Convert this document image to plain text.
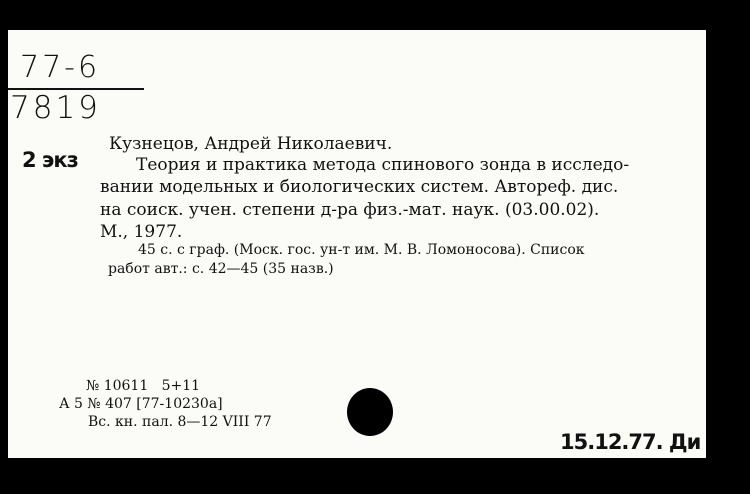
77-6
7819
2 экз
Кузнецов, Андрей Николаевич.
Теория и практика метода спинового зонда в исследо-
вании модельных и биологических систем. Автореф. дис.
на соиск. учен. степени д-ра физ.-мат. наук. (03.00.02).
М., 1977.
45 с. с граф. (Моск. гос. ун-т им. М. В. Ломоносова). Список
работ авт.: с. 42—45 (35 назв.)
№ 10611   5+11
А 5 № 407 [77-10230а]
Вс. кн. пал. 8—12 VIII 77
15.12.77. Ди
